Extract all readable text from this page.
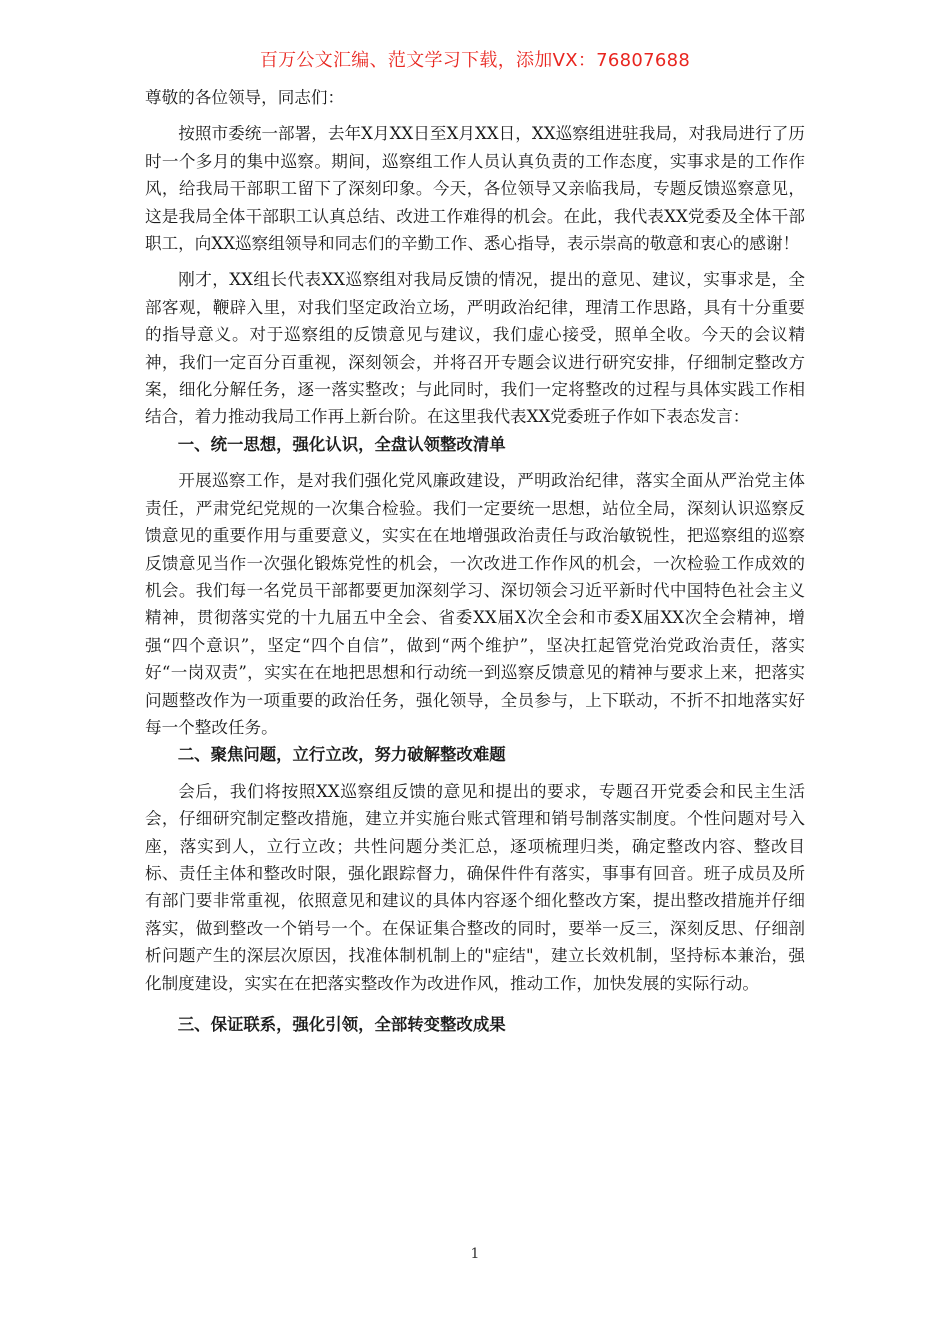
百万公文汇编、范文学习下载，添加VX：76807688

尊敬的各位领导，同志们：

按照市委统一部署，去年X月XX日至X月XX日，XX巡察组进驻我局，对我局进行了历时一个多月的集中巡察。期间，巡察组工作人员认真负责的工作态度，实事求是的工作作风，给我局干部职工留下了深刻印象。今天，各位领导又亲临我局，专题反馈巡察意见，这是我局全体干部职工认真总结、改进工作难得的机会。在此，我代表XX党委及全体干部职工，向XX巡察组领导和同志们的辛勤工作、悉心指导，表示崇高的敬意和衷心的感谢！

刚才，XX组长代表XX巡察组对我局反馈的情况，提出的意见、建议，实事求是，全部客观，鞭辟入里，对我们坚定政治立场，严明政治纪律，理清工作思路，具有十分重要的指导意义。对于巡察组的反馈意见与建议，我们虚心接受，照单全收。今天的会议精神，我们一定百分百重视，深刻领会，并将召开专题会议进行研究安排，仔细制定整改方案，细化分解任务，逐一落实整改；与此同时，我们一定将整改的过程与具体实践工作相结合，着力推动我局工作再上新台阶。在这里我代表XX党委班子作如下表态发言：

一、统一思想，强化认识，全盘认领整改清单

开展巡察工作，是对我们强化党风廉政建设，严明政治纪律，落实全面从严治党主体责任，严肃党纪党规的一次集合检验。我们一定要统一思想，站位全局，深刻认识巡察反馈意见的重要作用与重要意义，实实在在地增强政治责任与政治敏锐性，把巡察组的巡察反馈意见当作一次强化锻炼党性的机会，一次改进工作作风的机会，一次检验工作成效的机会。我们每一名党员干部都要更加深刻学习、深切领会习近平新时代中国特色社会主义精神，贯彻落实党的十九届五中全会、省委XX届X次全会和市委X届XX次全会精神，增强“四个意识”，坚定“四个自信”，做到“两个维护”，坚决扛起管党治党政治责任，落实好“一岗双责”，实实在在地把思想和行动统一到巡察反馈意见的精神与要求上来，把落实问题整改作为一项重要的政治任务，强化领导，全员参与，上下联动，不折不扣地落实好每一个整改任务。

二、聚焦问题，立行立改，努力破解整改难题

会后，我们将按照XX巡察组反馈的意见和提出的要求，专题召开党委会和民主生活会，仔细研究制定整改措施，建立并实施台账式管理和销号制落实制度。个性问题对号入座，落实到人，立行立改；共性问题分类汇总，逐项梳理归类，确定整改内容、整改目标、责任主体和整改时限，强化跟踪督力，确保件件有落实，事事有回音。班子成员及所有部门要非常重视，依照意见和建议的具体内容逐个细化整改方案，提出整改措施并仔细落实，做到整改一个销号一个。在保证集合整改的同时，要举一反三，深刻反思、仔细剖析问题产生的深层次原因，找准体制机制上的"症结"，建立长效机制，坚持标本兼治，强化制度建设，实实在在把落实整改作为改进作风，推动工作，加快发展的实际行动。

三、保证联系，强化引领，全部转变整改成果

1
